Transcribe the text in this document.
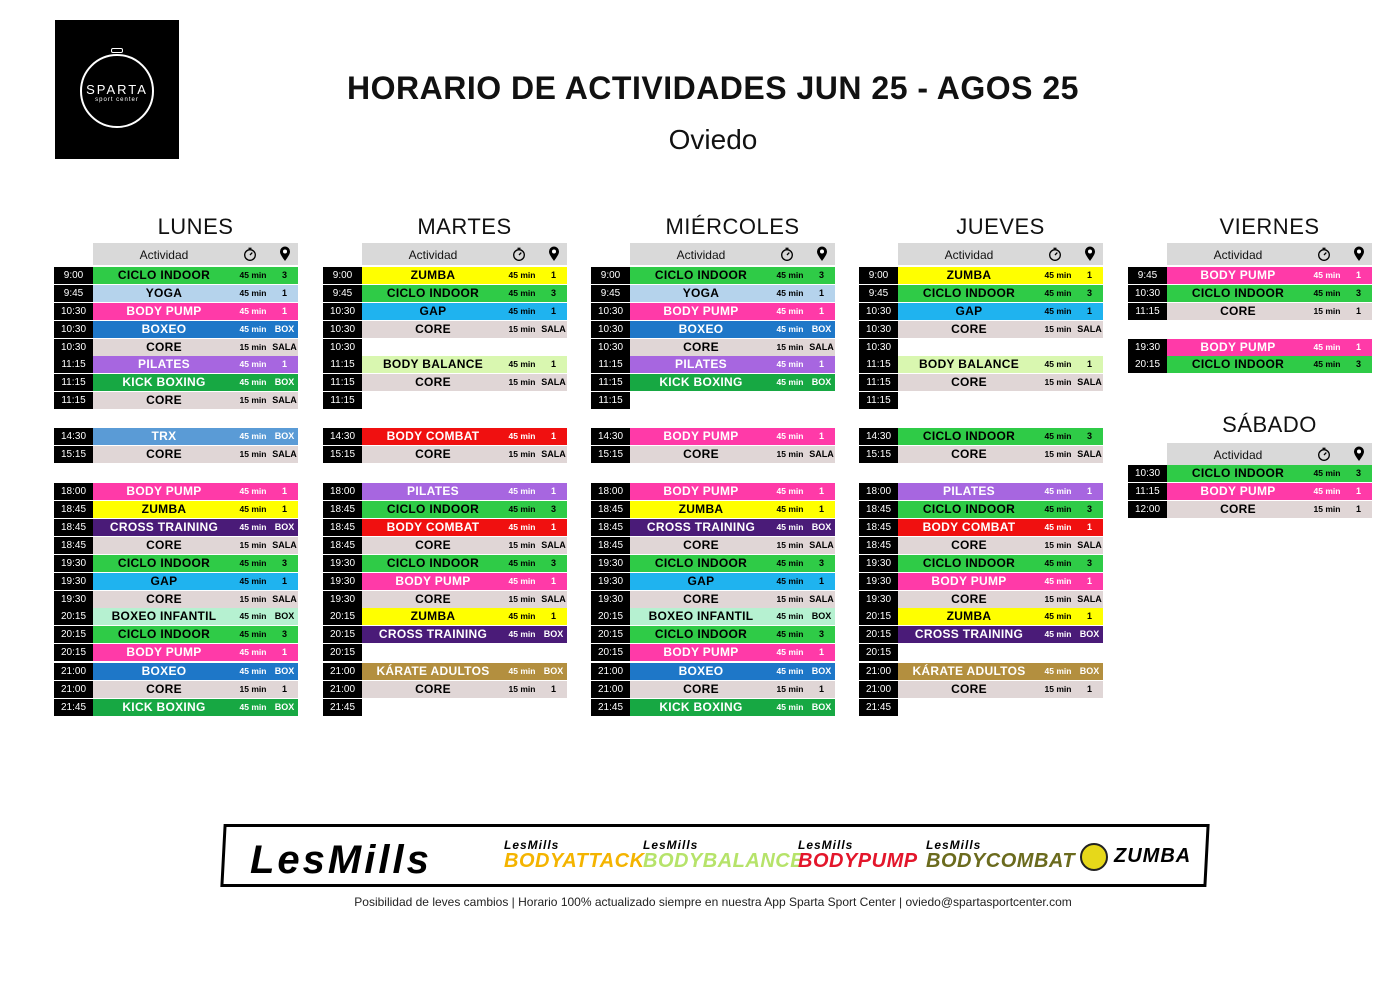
SPARTA
sport center	HORARIO DE ACTIVIDADES JUN 25 - AGOS 25
Oviedo
LUNES
Actividad
9:00	CICLO INDOOR	45 min	3
9:45	YOGA	45 min	1
10:30	BODY PUMP	45 min	1
10:30	BOXEO	45 min BOX
10:30	CORE	15 min SALA
11:15	PILATES	45 min	1
11:15	KICK BOXING	45 min BOX
11:15	CORE	15 min SALA
14:30	TRX	45 min BOX
15:15	CORE	15 min SALA
18:00	BODY PUMP	45 min	1
18:45	ZUMBA	45 min	1
18:45	CROSS TRAINING	45 min BOX
18:45	CORE	15 min SALA
19:30	CICLO INDOOR	45 min	3
19:30	GAP	45 min	1
19:30	CORE	15 min SALA
20:15	BOXEO INFANTIL	45 min BOX
20:15	CICLO INDOOR	45 min	3
20:15	BODY PUMP	45 min	1
21:00	BOXEO	45 min BOX
21:00	CORE	15 min	1
21:45	KICK BOXING	45 min BOX
MARTES
Actividad
9:00	ZUMBA	45 min	1
9:45	CICLO INDOOR	45 min	3
10:30	GAP	45 min	1
10:30	CORE	15 min SALA
10:30
11:15	BODY BALANCE	45 min	1
11:15	CORE	15 min SALA
11:15
14:30	BODY COMBAT	45 min	1
15:15	CORE	15 min SALA
18:00	PILATES	45 min	1
18:45	CICLO INDOOR	45 min	3
18:45	BODY COMBAT	45 min	1
18:45	CORE	15 min SALA
19:30	CICLO INDOOR	45 min	3
19:30	BODY PUMP	45 min	1
19:30	CORE	15 min SALA
20:15	ZUMBA	45 min	1
20:15	CROSS TRAINING	45 min BOX
20:15
21:00	KÁRATE ADULTOS	45 min BOX
21:00	CORE	15 min	1
21:45
MIÉRCOLES
Actividad
9:00	CICLO INDOOR	45 min	3
9:45	YOGA	45 min	1
10:30	BODY PUMP	45 min	1
10:30	BOXEO	45 min BOX
10:30	CORE	15 min SALA
11:15	PILATES	45 min	1
11:15	KICK BOXING	45 min BOX
11:15
14:30	BODY PUMP	45 min	1
15:15	CORE	15 min SALA
18:00	BODY PUMP	45 min	1
18:45	ZUMBA	45 min	1
18:45	CROSS TRAINING	45 min BOX
18:45	CORE	15 min SALA
19:30	CICLO INDOOR	45 min	3
19:30	GAP	45 min	1
19:30	CORE	15 min SALA
20:15	BOXEO INFANTIL	45 min BOX
20:15	CICLO INDOOR	45 min	3
20:15	BODY PUMP	45 min	1
21:00	BOXEO	45 min BOX
21:00	CORE	15 min	1
21:45	KICK BOXING	45 min BOX
JUEVES
Actividad
9:00	ZUMBA	45 min	1
9:45	CICLO INDOOR	45 min	3
10:30	GAP	45 min	1
10:30	CORE	15 min SALA
10:30
11:15	BODY BALANCE	45 min	1
11:15	CORE	15 min SALA
11:15
14:30	CICLO INDOOR	45 min	3
15:15	CORE	15 min SALA
18:00	PILATES	45 min	1
18:45	CICLO INDOOR	45 min	3
18:45	BODY COMBAT	45 min	1
18:45	CORE	15 min SALA
19:30	CICLO INDOOR	45 min	3
19:30	BODY PUMP	45 min	1
19:30	CORE	15 min SALA
20:15	ZUMBA	45 min	1
20:15	CROSS TRAINING	45 min BOX
20:15
21:00	KÁRATE ADULTOS	45 min BOX
21:00	CORE	15 min	1
21:45
VIERNES
Actividad
9:45	BODY PUMP	45 min	1
10:30	CICLO INDOOR	45 min	3
11:15	CORE	15 min	1
19:30	BODY PUMP	45 min	1
20:15	CICLO INDOOR	45 min	3
SÁBADO
Actividad
10:30	CICLO INDOOR	45 min	3
11:15	BODY PUMP	45 min	1
12:00	CORE	15 min	1
LesMills	LesMills
BODYATTACK
LesMills
BODYBALANCE
LesMills
BODYPUMP
LesMills
BODYCOMBAT ZUMBA
Posibilidad de leves cambios | Horario 100% actualizado siempre en nuestra App Sparta Sport Center | oviedo@spartasportcenter.com
